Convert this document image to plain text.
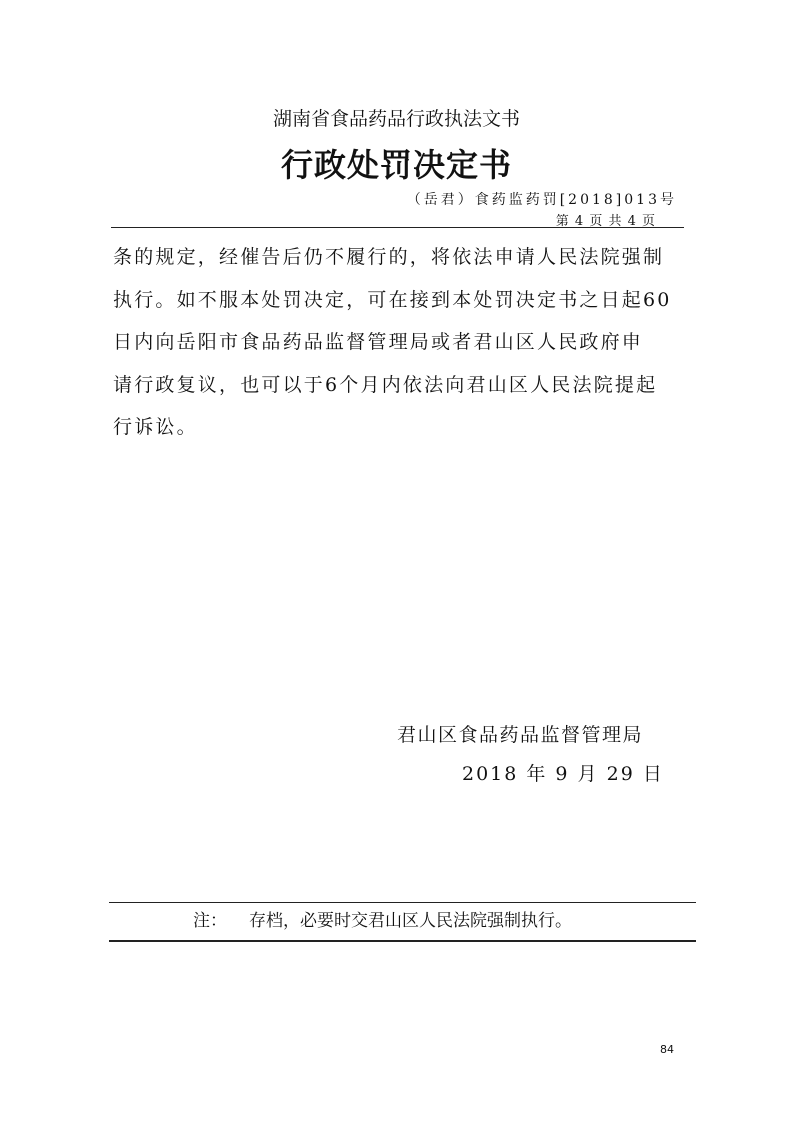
湖南省食品药品行政执法文书
行政处罚决定书
（岳君）食药监药罚[2018]013号
第 4 页 共 4 页
条的规定，经催告后仍不履行的，将依法申请人民法院强制
执行。如不服本处罚决定，可在接到本处罚决定书之日起60
日内向岳阳市食品药品监督管理局或者君山区人民政府申
请行政复议，也可以于6个月内依法向君山区人民法院提起
行诉讼。
君山区食品药品监督管理局
2018 年 9 月 29 日
注： 存档，必要时交君山区人民法院强制执行。
84
